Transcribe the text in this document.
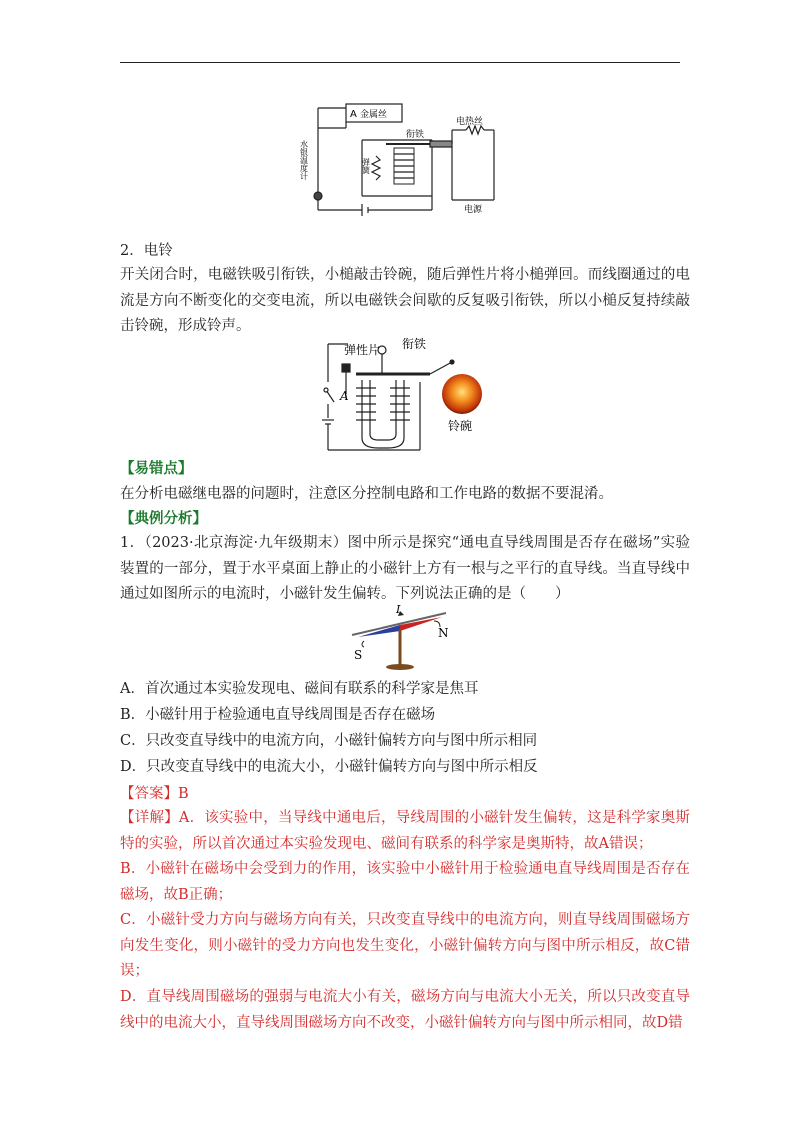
A 金属丝
衔铁
电热丝
电源
水银温度计	弹簧
2．电铃
开关闭合时，电磁铁吸引衔铁，小槌敲击铃碗，随后弹性片将小槌弹回。而线圈通过的电流是方向不断变化的交变电流，所以电磁铁会间歇的反复吸引衔铁，所以小槌反复持续敲击铃碗，形成铃声。
弹性片 衔铁
A
铃碗
【易错点】
在分析电磁继电器的问题时，注意区分控制电路和工作电路的数据不要混淆。
【典例分析】
1．（2023·北京海淀·九年级期末）图中所示是探究“通电直导线周围是否存在磁场”实验装置的一部分，置于水平桌面上静止的小磁针上方有一根与之平行的直导线。当直导线中通过如图所示的电流时，小磁针发生偏转。下列说法正确的是（　　）
I
N
S
A．首次通过本实验发现电、磁间有联系的科学家是焦耳
B．小磁针用于检验通电直导线周围是否存在磁场
C．只改变直导线中的电流方向，小磁针偏转方向与图中所示相同
D．只改变直导线中的电流大小，小磁针偏转方向与图中所示相反
【答案】B
【详解】A．该实验中，当导线中通电后，导线周围的小磁针发生偏转，这是科学家奥斯特的实验，所以首次通过本实验发现电、磁间有联系的科学家是奥斯特，故A错误；
B．小磁针在磁场中会受到力的作用，该实验中小磁针用于检验通电直导线周围是否存在磁场，故B正确；
C．小磁针受力方向与磁场方向有关，只改变直导线中的电流方向，则直导线周围磁场方向发生变化，则小磁针的受力方向也发生变化，小磁针偏转方向与图中所示相反，故C错误；
D．直导线周围磁场的强弱与电流大小有关，磁场方向与电流大小无关，所以只改变直导线中的电流大小，直导线周围磁场方向不改变，小磁针偏转方向与图中所示相同，故D错
